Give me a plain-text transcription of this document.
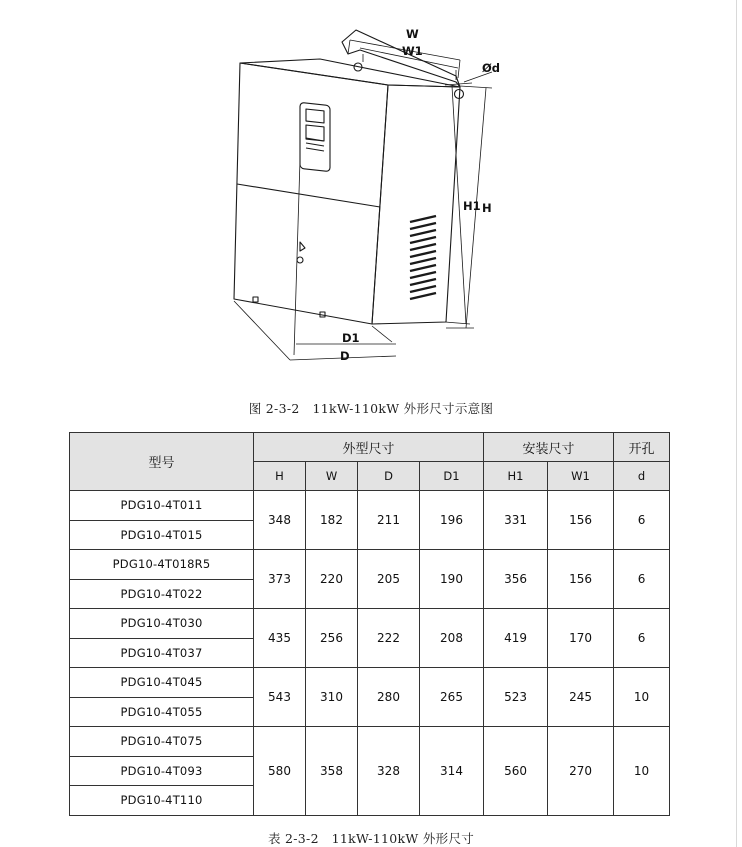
W
W1
Ød
H1 H
D1
D
图 2-3-2 11kW-110kW 外形尺寸示意图
型号	外型尺寸				安装尺寸		开孔
	H	W	D	D1	H1	W1	d
PDG10-4T011	348	182	211	196	331	156	6
PDG10-4T015							
PDG10-4T018R5	373	220	205	190	356	156	6
PDG10-4T022							
PDG10-4T030	435	256	222	208	419	170	6
PDG10-4T037							
PDG10-4T045	543	310	280	265	523	245	10
PDG10-4T055							
PDG10-4T075	580	358	328	314	560	270	10
PDG10-4T093							
PDG10-4T110							
表 2-3-2 11kW-110kW 外形尺寸
